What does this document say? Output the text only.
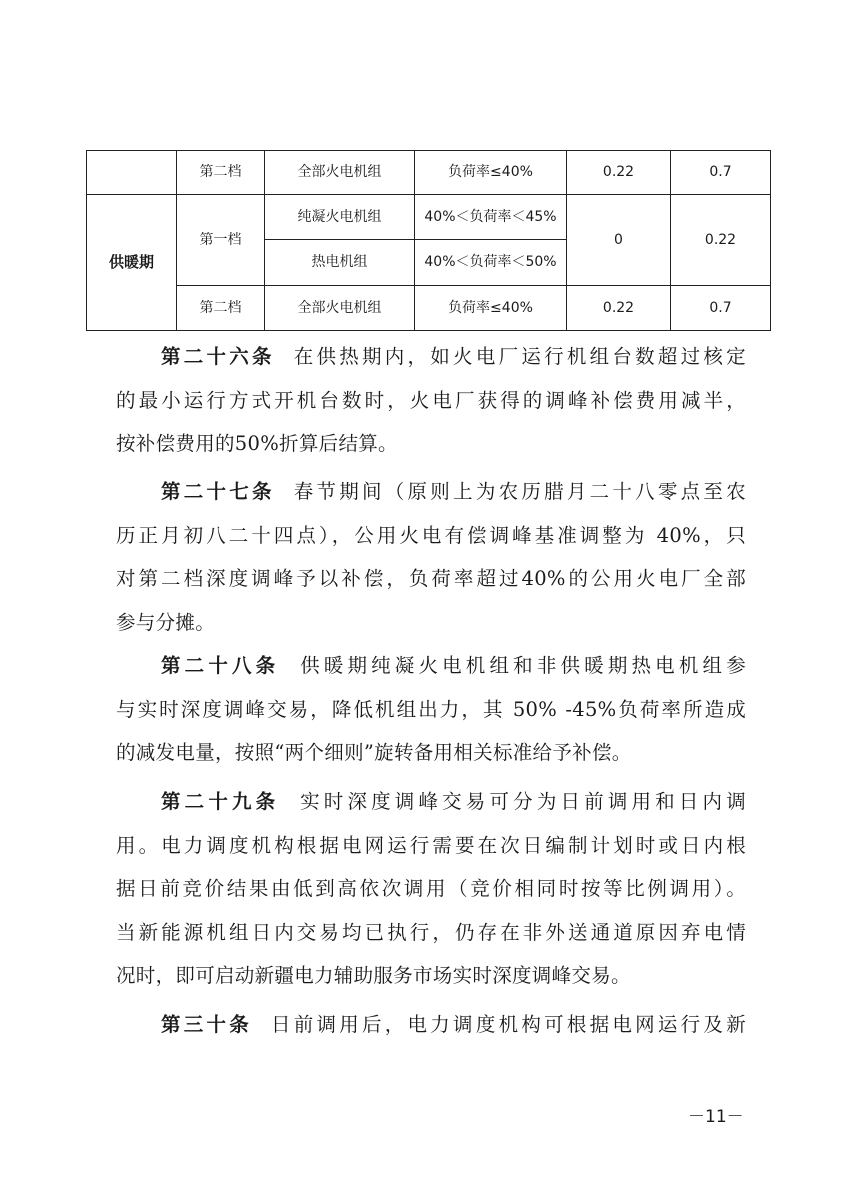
	第二档	全部火电机组	负荷率≤40%	0.22	0.7
供暖期	第一档	纯凝火电机组	40%＜负荷率＜45%	0	0.22
		热电机组	40%＜负荷率＜50%		
	第二档	全部火电机组	负荷率≤40%	0.22	0.7
第二十六条 在供热期内，如火电厂运行机组台数超过核定
的最小运行方式开机台数时，火电厂获得的调峰补偿费用减半，
按补偿费用的50%折算后结算。
第二十七条 春节期间（原则上为农历腊月二十八零点至农
历正月初八二十四点），公用火电有偿调峰基准调整为 40%，只
对第二档深度调峰予以补偿，负荷率超过40%的公用火电厂全部
参与分摊。
第二十八条 供暖期纯凝火电机组和非供暖期热电机组参
与实时深度调峰交易，降低机组出力，其 50% -45%负荷率所造成
的减发电量，按照“两个细则”旋转备用相关标准给予补偿。
第二十九条 实时深度调峰交易可分为日前调用和日内调
用。电力调度机构根据电网运行需要在次日编制计划时或日内根
据日前竞价结果由低到高依次调用（竞价相同时按等比例调用）。
当新能源机组日内交易均已执行，仍存在非外送通道原因弃电情
况时，即可启动新疆电力辅助服务市场实时深度调峰交易。
第三十条 日前调用后，电力调度机构可根据电网运行及新
－11－
